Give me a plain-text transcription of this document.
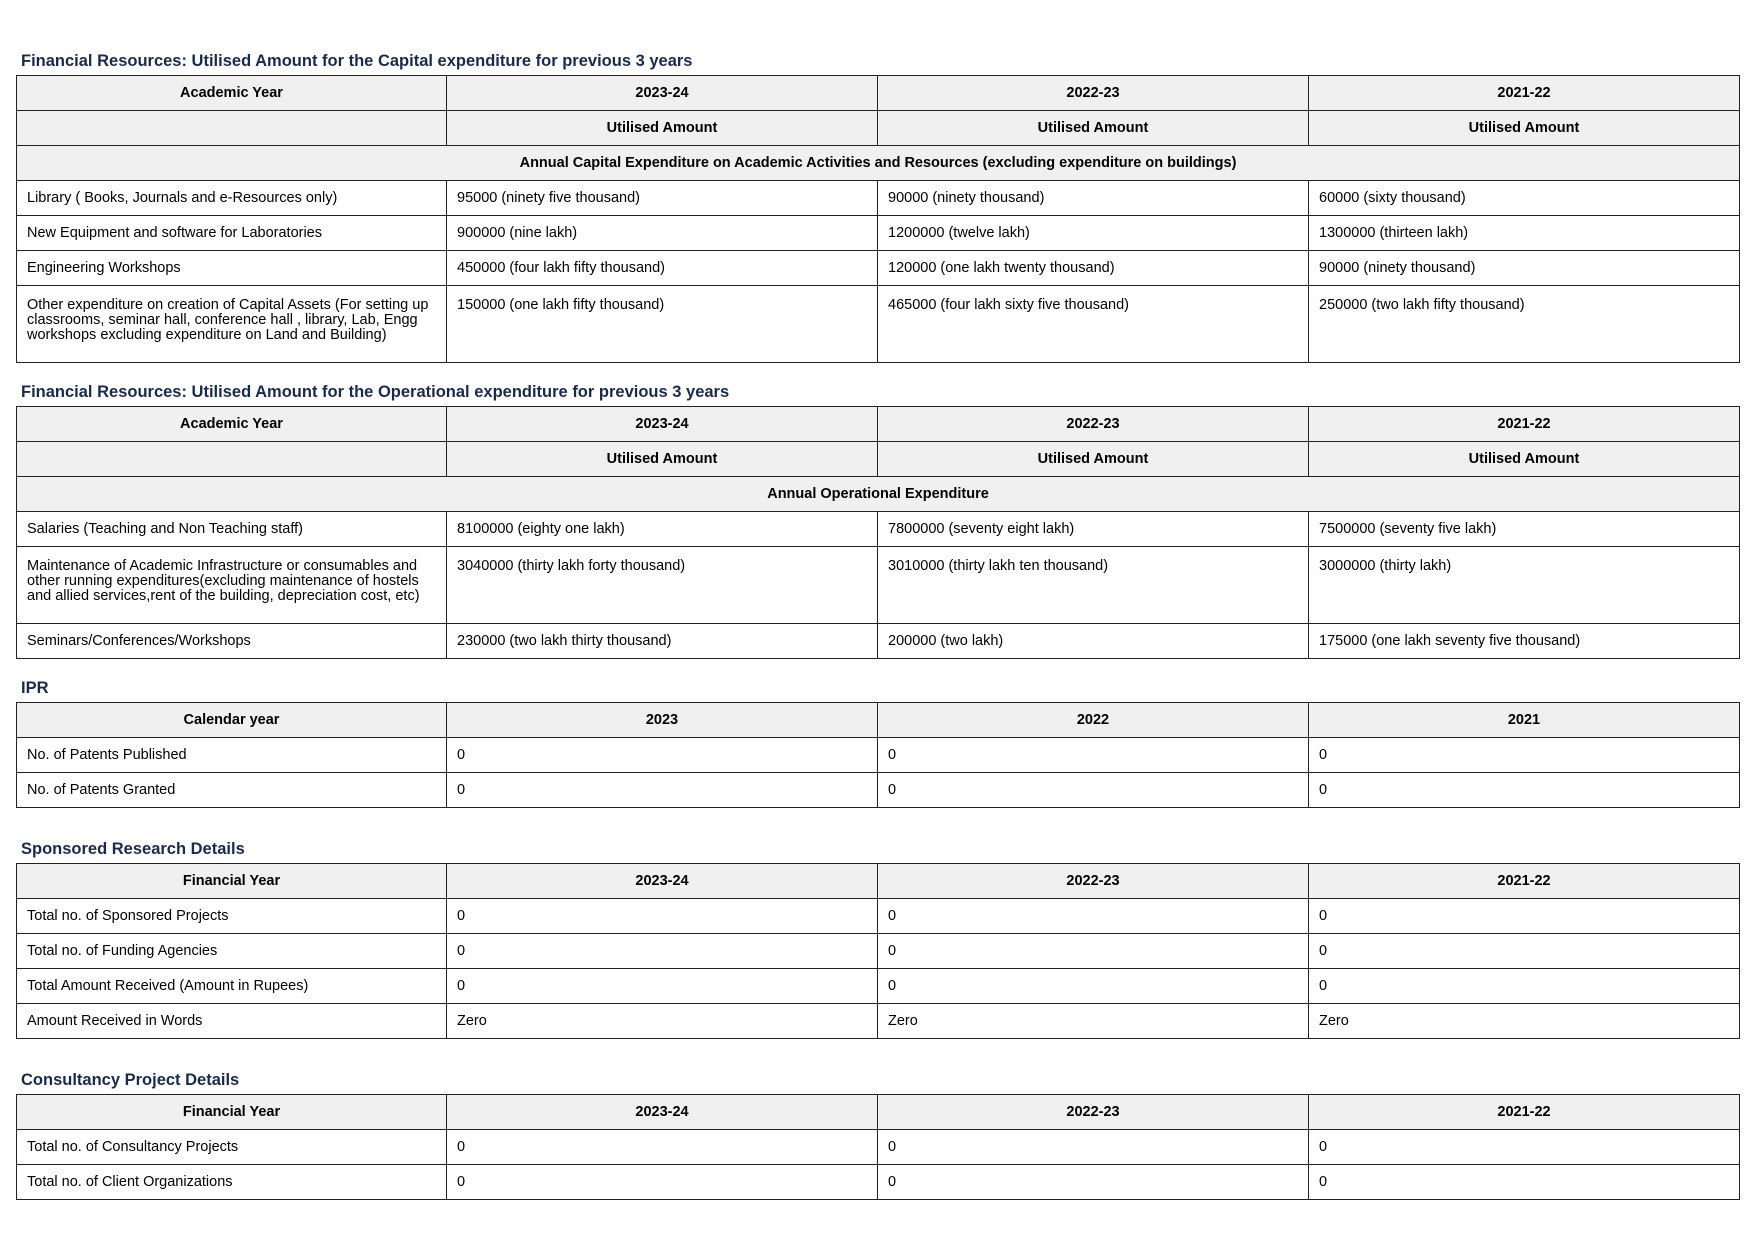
Financial Resources: Utilised Amount for the Capital expenditure for previous 3 years
Academic Year	2023-24	2022-23	2021-22
	Utilised Amount	Utilised Amount	Utilised Amount
Annual Capital Expenditure on Academic Activities and Resources (excluding expenditure on buildings)			
Library ( Books, Journals and e-Resources only)	95000 (ninety five thousand)	90000 (ninety thousand)	60000 (sixty thousand)
New Equipment and software for Laboratories	900000 (nine lakh)	1200000 (twelve lakh)	1300000 (thirteen lakh)
Engineering Workshops	450000 (four lakh fifty thousand)	120000 (one lakh twenty thousand)	90000 (ninety thousand)
Other expenditure on creation of Capital Assets (For setting up classrooms, seminar hall, conference hall , library, Lab, Engg workshops excluding expenditure on Land and Building)	150000 (one lakh fifty thousand)	465000 (four lakh sixty five thousand)	250000 (two lakh fifty thousand)
Financial Resources: Utilised Amount for the Operational expenditure for previous 3 years
Academic Year	2023-24	2022-23	2021-22
	Utilised Amount	Utilised Amount	Utilised Amount
Annual Operational Expenditure			
Salaries (Teaching and Non Teaching staff)	8100000 (eighty one lakh)	7800000 (seventy eight lakh)	7500000 (seventy five lakh)
Maintenance of Academic Infrastructure or consumables and other running expenditures(excluding maintenance of hostels and allied services,rent of the building, depreciation cost, etc)	3040000 (thirty lakh forty thousand)	3010000 (thirty lakh ten thousand)	3000000 (thirty lakh)
Seminars/Conferences/Workshops	230000 (two lakh thirty thousand)	200000 (two lakh)	175000 (one lakh seventy five thousand)
IPR
Calendar year	2023	2022	2021
No. of Patents Published	0	0	0
No. of Patents Granted	0	0	0
Sponsored Research Details
Financial Year	2023-24	2022-23	2021-22
Total no. of Sponsored Projects	0	0	0
Total no. of Funding Agencies	0	0	0
Total Amount Received (Amount in Rupees)	0	0	0
Amount Received in Words	Zero	Zero	Zero
Consultancy Project Details
Financial Year	2023-24	2022-23	2021-22
Total no. of Consultancy Projects	0	0	0
Total no. of Client Organizations	0	0	0
